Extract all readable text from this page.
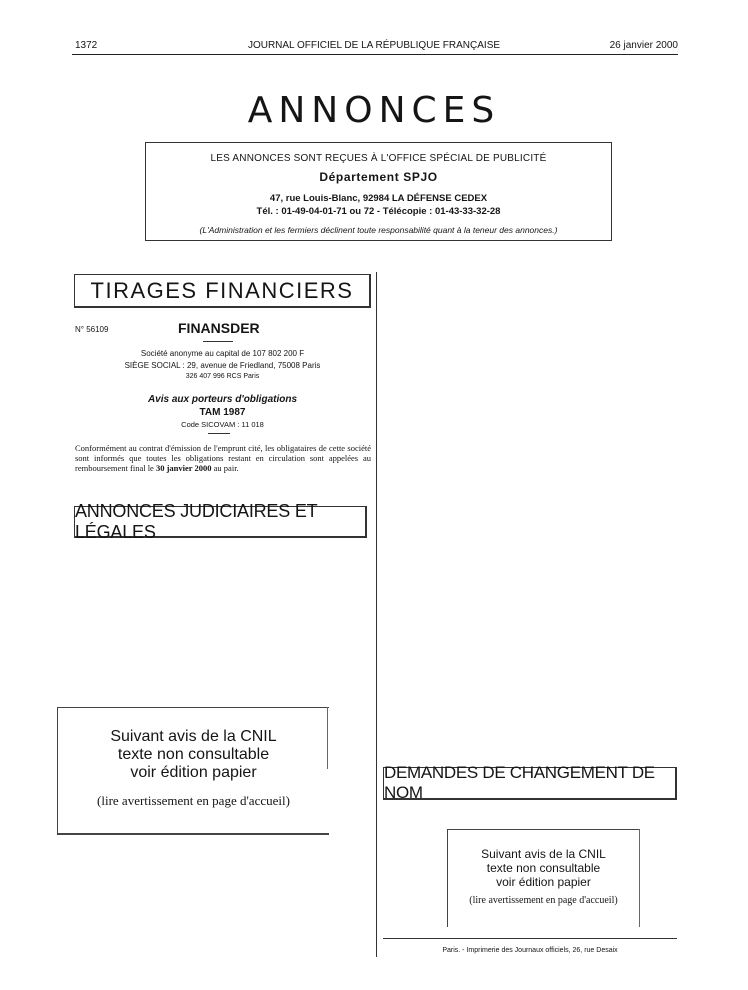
1372	JOURNAL OFFICIEL DE LA RÉPUBLIQUE FRANÇAISE	26 janvier 2000
ANNONCES
LES ANNONCES SONT REÇUES À L'OFFICE SPÉCIAL DE PUBLICITÉ
Département SPJO
47, rue Louis-Blanc, 92984 LA DÉFENSE CEDEX
Tél. : 01-49-04-01-71 ou 72 - Télécopie : 01-43-33-32-28
(L'Administration et les fermiers déclinent toute responsabilité quant à la teneur des annonces.)
TIRAGES FINANCIERS
N° 56109	FINANSDER
Société anonyme au capital de 107 802 200 F
SIÈGE SOCIAL : 29, avenue de Friedland, 75008 Paris
326 407 996 RCS Paris
Avis aux porteurs d'obligations
TAM 1987
Code SICOVAM : 11 018
Conformément au contrat d'émission de l'emprunt cité, les obligataires de cette société sont informés que toutes les obligations restant en circulation sont appelées au remboursement final le 30 janvier 2000 au pair.
ANNONCES JUDICIAIRES ET LÉGALES
Suivant avis de la CNIL
texte non consultable
voir édition papier
(lire avertissement en page d'accueil)
DEMANDES DE CHANGEMENT DE NOM
Suivant avis de la CNIL
texte non consultable
voir édition papier
(lire avertissement en page d'accueil)
Paris. - Imprimerie des Journaux officiels, 26, rue Desaix
